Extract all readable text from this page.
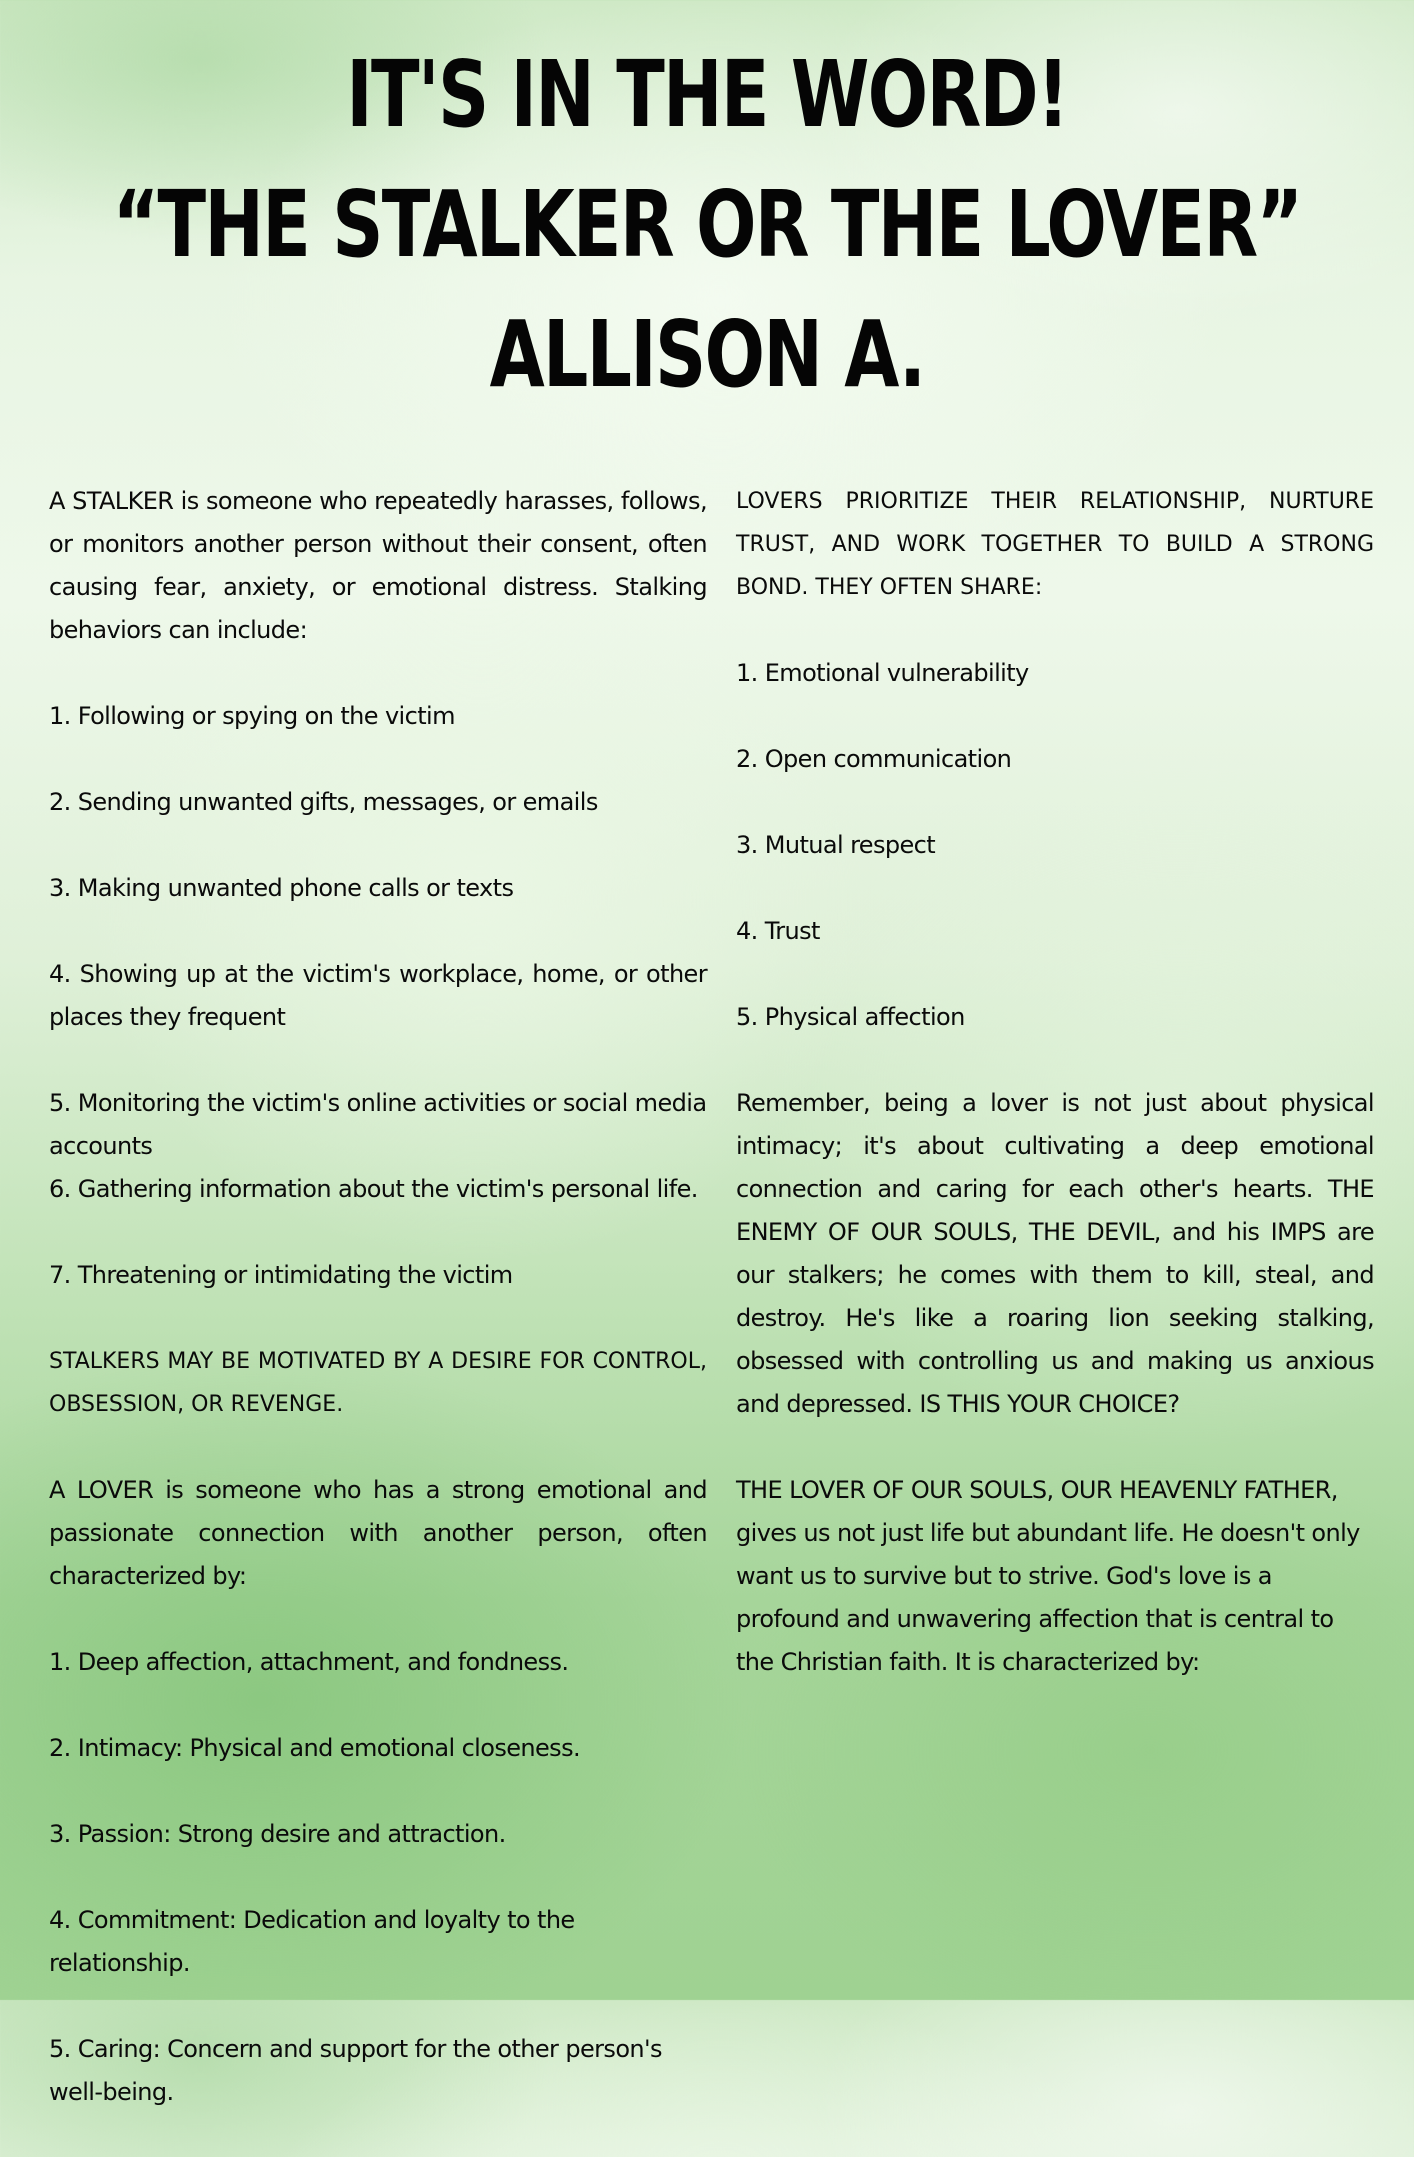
IT'S IN THE WORD!
“THE STALKER OR THE LOVER”
ALLISON A.

A STALKER is someone who repeatedly harasses, follows, or monitors another person without their consent, often causing fear, anxiety, or emotional distress. Stalking behaviors can include:

1. Following or spying on the victim

2. Sending unwanted gifts, messages, or emails

3. Making unwanted phone calls or texts

4. Showing up at the victim's workplace, home, or other places they frequent

5. Monitoring the victim's online activities or social media accounts

6. Gathering information about the victim's personal life.

7. Threatening or intimidating the victim

STALKERS MAY BE MOTIVATED BY A DESIRE FOR CONTROL, OBSESSION, OR REVENGE.

A LOVER is someone who has a strong emotional and passionate connection with another person, often characterized by:

1. Deep affection, attachment, and fondness.

2. Intimacy: Physical and emotional closeness.

3. Passion: Strong desire and attraction.

4. Commitment: Dedication and loyalty to the relationship.

5. Caring: Concern and support for the other person's well-being.

LOVERS PRIORITIZE THEIR RELATIONSHIP, NURTURE TRUST, AND WORK TOGETHER TO BUILD A STRONG BOND. THEY OFTEN SHARE:

1. Emotional vulnerability

2. Open communication

3. Mutual respect

4. Trust

5. Physical affection

Remember, being a lover is not just about physical intimacy; it's about cultivating a deep emotional connection and caring for each other's hearts. THE ENEMY OF OUR SOULS, THE DEVIL, and his IMPS are our stalkers; he comes with them to kill, steal, and destroy. He's like a roaring lion seeking stalking, obsessed with controlling us and making us anxious and depressed. IS THIS YOUR CHOICE?

THE LOVER OF OUR SOULS, OUR HEAVENLY FATHER, gives us not just life but abundant life. He doesn't only want us to survive but to strive. God's love is a profound and unwavering affection that is central to the Christian faith. It is characterized by:
